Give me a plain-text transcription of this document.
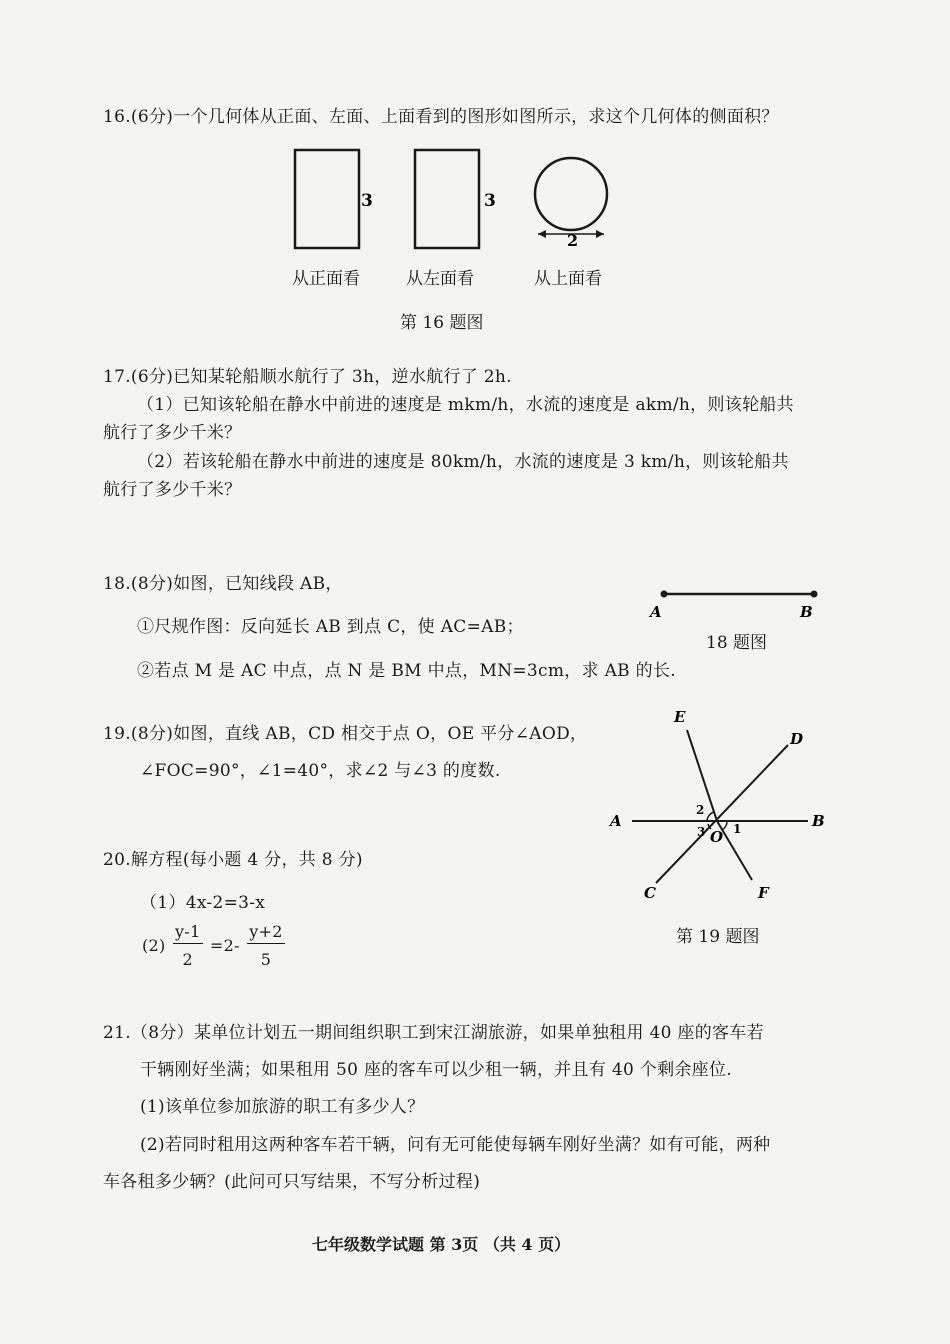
16.(6分)一个几何体从正面、左面、上面看到的图形如图所示，求这个几何体的侧面积？
3	3
2
从正面看	从左面看	从上面看
第 16 题图
17.(6分)已知某轮船顺水航行了 3h，逆水航行了 2h.
（1）已知该轮船在静水中前进的速度是 mkm/h，水流的速度是 akm/h，则该轮船共
航行了多少千米？
（2）若该轮船在静水中前进的速度是 80km/h，水流的速度是 3 km/h，则该轮船共
航行了多少千米？
18.(8分)如图，已知线段 AB，
①尺规作图：反向延长 AB 到点 C，使 AC=AB；
②若点 M 是 AC 中点，点 N 是 BM 中点，MN=3cm，求 AB 的长.
A	B
18 题图
19.(8分)如图，直线 AB，CD 相交于点 O，OE 平分∠AOD，
∠FOC=90°，∠1=40°，求∠2 与∠3 的度数.
E
D
A	B
C	F
O 1
2
3
第 19 题图
20.解方程(每小题 4 分，共 8 分)
（1）4x-2=3-x
$(2) \frac{y-1}{2} =2- \frac{y+2}{5}$
21.（8分）某单位计划五一期间组织职工到宋江湖旅游，如果单独租用 40 座的客车若
干辆刚好坐满；如果租用 50 座的客车可以少租一辆，并且有 40 个剩余座位.
(1)该单位参加旅游的职工有多少人？
(2)若同时租用这两种客车若干辆，问有无可能使每辆车刚好坐满？如有可能，两种
车各租多少辆？(此问可只写结果，不写分析过程)
七年级数学试题 第 3页 （共 4 页）
